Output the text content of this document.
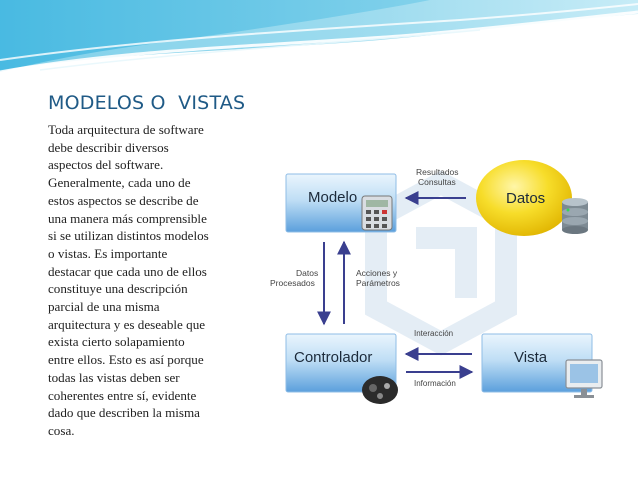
MODELOS O  VISTAS
Toda arquitectura de software
debe describir diversos
aspectos del software.
Generalmente, cada uno de
estos aspectos se describe de
una manera más comprensible
si se utilizan distintos modelos
o vistas. Es importante
destacar que cada uno de ellos
constituye una descripción
parcial de una misma
arquitectura y es deseable que
exista cierto solapamiento
entre ellos. Esto es así porque
todas las vistas deben ser
coherentes entre sí, evidente
dado que describen la misma
cosa.
Modelo	Datos
Controlador	Vista
Resultados
Consultas
Datos
Procesados
Acciones y
Parámetros
Interacción
Información
